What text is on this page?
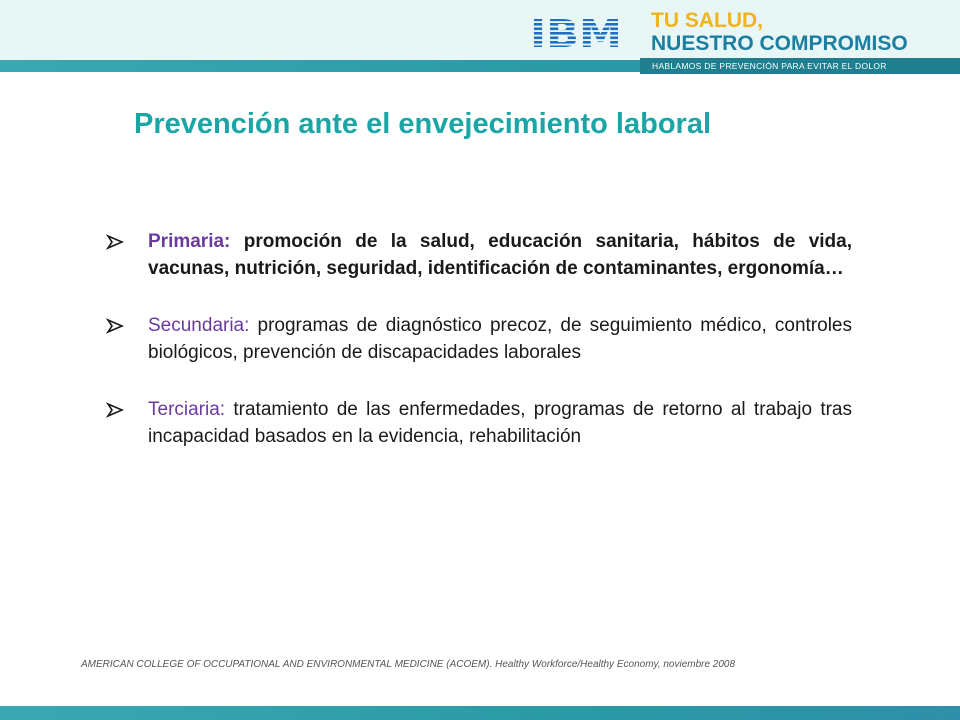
HABLAMOS DE PREVENCIÓN PARA EVITAR EL DOLOR
TU SALUD,
NUESTRO COMPROMISO
Prevención ante el envejecimiento laboral
Primaria: promoción de la salud, educación sanitaria, hábitos de vida, vacunas, nutrición, seguridad, identificación de contaminantes, ergonomía…
Secundaria: programas de diagnóstico precoz, de seguimiento médico, controles biológicos, prevención de discapacidades laborales
Terciaria: tratamiento de las enfermedades, programas de retorno al trabajo tras incapacidad basados en la evidencia, rehabilitación
AMERICAN COLLEGE OF OCCUPATIONAL AND ENVIRONMENTAL MEDICINE (ACOEM). Healthy Workforce/Healthy Economy, noviembre 2008
